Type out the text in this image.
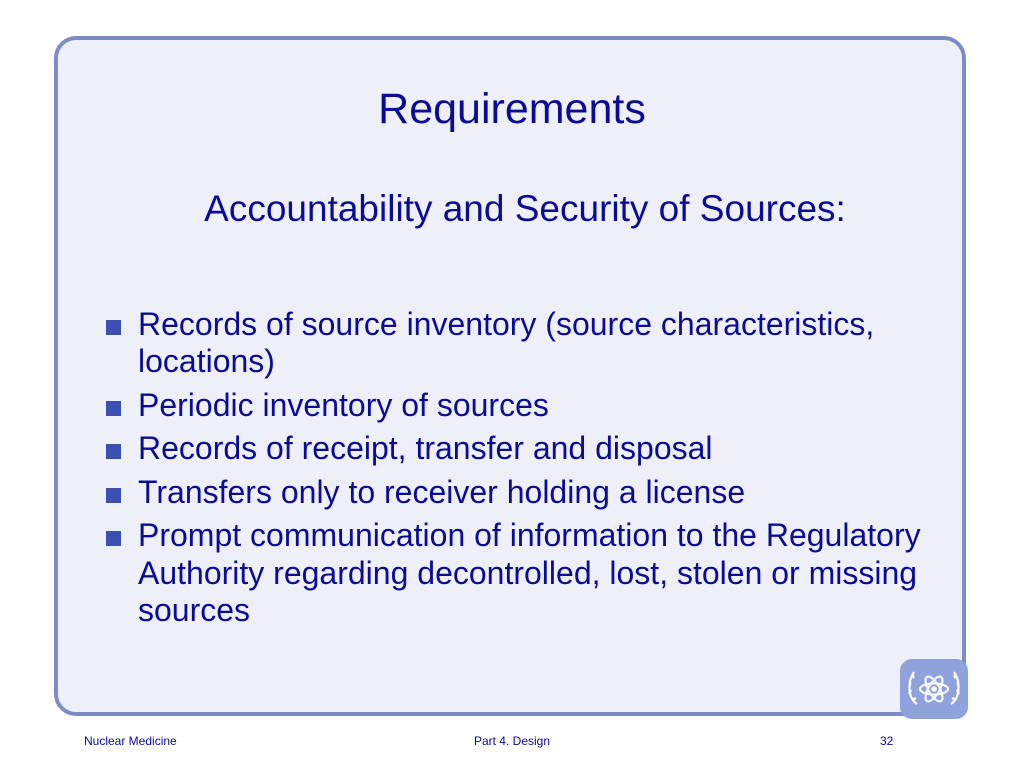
Requirements
Accountability and Security of Sources:
Records of source inventory (source characteristics, locations)
Periodic inventory of sources
Records of receipt, transfer and disposal
Transfers only to receiver holding a license
Prompt communication of information to the Regulatory Authority regarding decontrolled, lost, stolen or missing sources
Nuclear Medicine	Part 4. Design	32
